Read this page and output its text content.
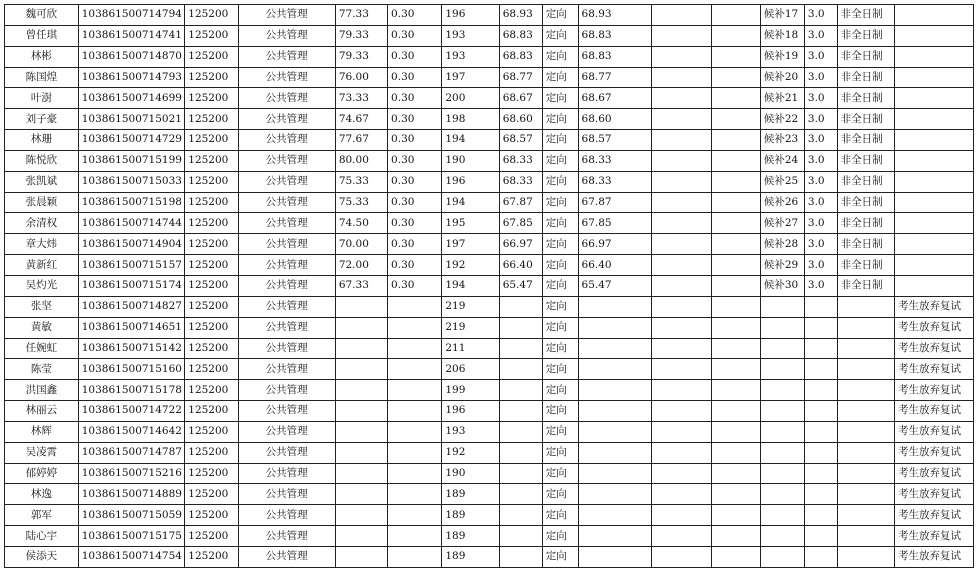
魏可欣	103861500714794	125200	公共管理	77.33	0.30	196	68.93	定向	68.93			候补17	3.0	非全日制	
曾任琪	103861500714741	125200	公共管理	79.33	0.30	193	68.83	定向	68.83			候补18	3.0	非全日制	
林彬	103861500714870	125200	公共管理	79.33	0.30	193	68.83	定向	68.83			候补19	3.0	非全日制	
陈国煌	103861500714793	125200	公共管理	76.00	0.30	197	68.77	定向	68.77			候补20	3.0	非全日制	
叶澍	103861500714699	125200	公共管理	73.33	0.30	200	68.67	定向	68.67			候补21	3.0	非全日制	
刘子豪	103861500715021	125200	公共管理	74.67	0.30	198	68.60	定向	68.60			候补22	3.0	非全日制	
林珊	103861500714729	125200	公共管理	77.67	0.30	194	68.57	定向	68.57			候补23	3.0	非全日制	
陈悦欣	103861500715199	125200	公共管理	80.00	0.30	190	68.33	定向	68.33			候补24	3.0	非全日制	
张凯斌	103861500715033	125200	公共管理	75.33	0.30	196	68.33	定向	68.33			候补25	3.0	非全日制	
张晨颖	103861500715198	125200	公共管理	75.33	0.30	194	67.87	定向	67.87			候补26	3.0	非全日制	
余清权	103861500714744	125200	公共管理	74.50	0.30	195	67.85	定向	67.85			候补27	3.0	非全日制	
章大炜	103861500714904	125200	公共管理	70.00	0.30	197	66.97	定向	66.97			候补28	3.0	非全日制	
黄新红	103861500715157	125200	公共管理	72.00	0.30	192	66.40	定向	66.40			候补29	3.0	非全日制	
吴灼光	103861500715174	125200	公共管理	67.33	0.30	194	65.47	定向	65.47			候补30	3.0	非全日制	
张坚	103861500714827	125200	公共管理			219		定向							考生放弃复试
黄敏	103861500714651	125200	公共管理			219		定向							考生放弃复试
任婉虹	103861500715142	125200	公共管理			211		定向							考生放弃复试
陈莹	103861500715160	125200	公共管理			206		定向							考生放弃复试
洪国鑫	103861500715178	125200	公共管理			199		定向							考生放弃复试
林丽云	103861500714722	125200	公共管理			196		定向							考生放弃复试
林辉	103861500714642	125200	公共管理			193		定向							考生放弃复试
吴凌霄	103861500714787	125200	公共管理			192		定向							考生放弃复试
郁婷婷	103861500715216	125200	公共管理			190		定向							考生放弃复试
林逸	103861500714889	125200	公共管理			189		定向							考生放弃复试
郭军	103861500715059	125200	公共管理			189		定向							考生放弃复试
陆心宇	103861500715175	125200	公共管理			189		定向							考生放弃复试
侯添天	103861500714754	125200	公共管理			189		定向							考生放弃复试
